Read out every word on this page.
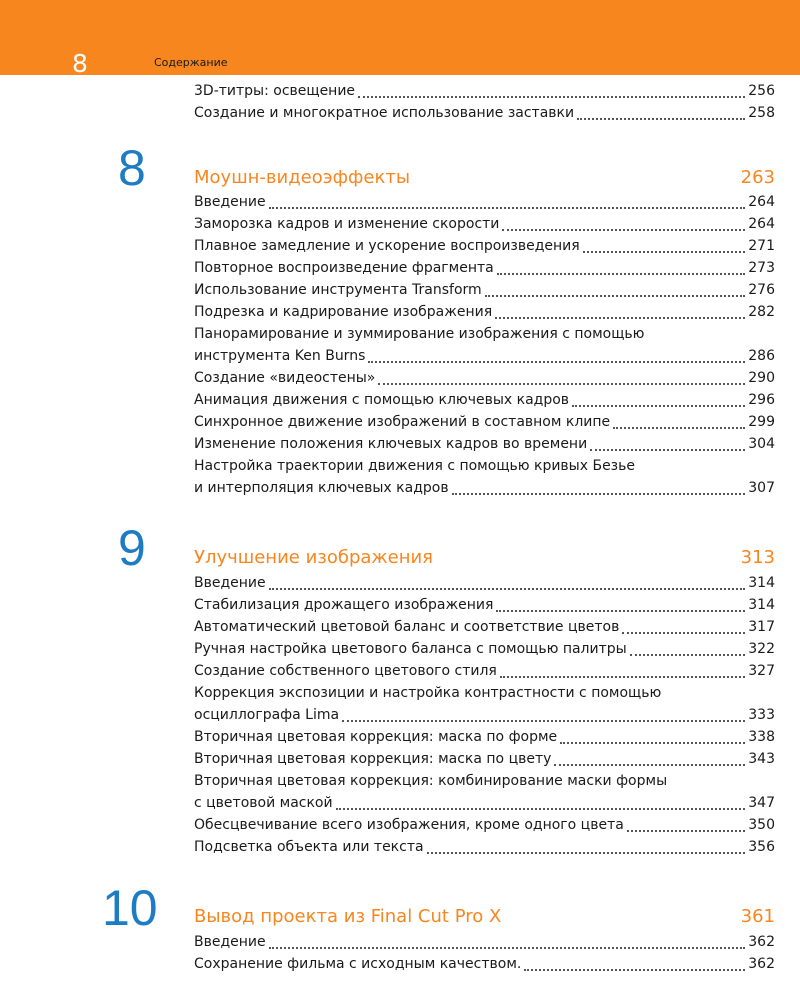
8	Содержание
3D-титры: освещение	256
Создание и многократное использование заставки	258
8	Моушн-видеоэффекты	263
Введение	264
Заморозка кадров и изменение скорости	264
Плавное замедление и ускорение воспроизведения	271
Повторное воспроизведение фрагмента	273
Использование инструмента Transform	276
Подрезка и кадрирование изображения	282
Панорамирование и зуммирование изображения с помощью
инструмента Ken Burns	286
Создание «видеостены»	290
Анимация движения с помощью ключевых кадров	296
Синхронное движение изображений в составном клипе	299
Изменение положения ключевых кадров во времени	304
Настройка траектории движения с помощью кривых Безье
и интерполяция ключевых кадров	307
9	Улучшение изображения	313
Введение	314
Стабилизация дрожащего изображения	314
Автоматический цветовой баланс и соответствие цветов	317
Ручная настройка цветового баланса с помощью палитры	322
Создание собственного цветового стиля	327
Коррекция экспозиции и настройка контрастности с помощью
осциллографа Lima	333
Вторичная цветовая коррекция: маска по форме	338
Вторичная цветовая коррекция: маска по цвету	343
Вторичная цветовая коррекция: комбинирование маски формы
с цветовой маской	347
Обесцвечивание всего изображения, кроме одного цвета	350
Подсветка объекта или текста	356
10 Вывод проекта из Final Cut Pro X	361
Введение	362
Сохранение фильма с исходным качеством.	362
